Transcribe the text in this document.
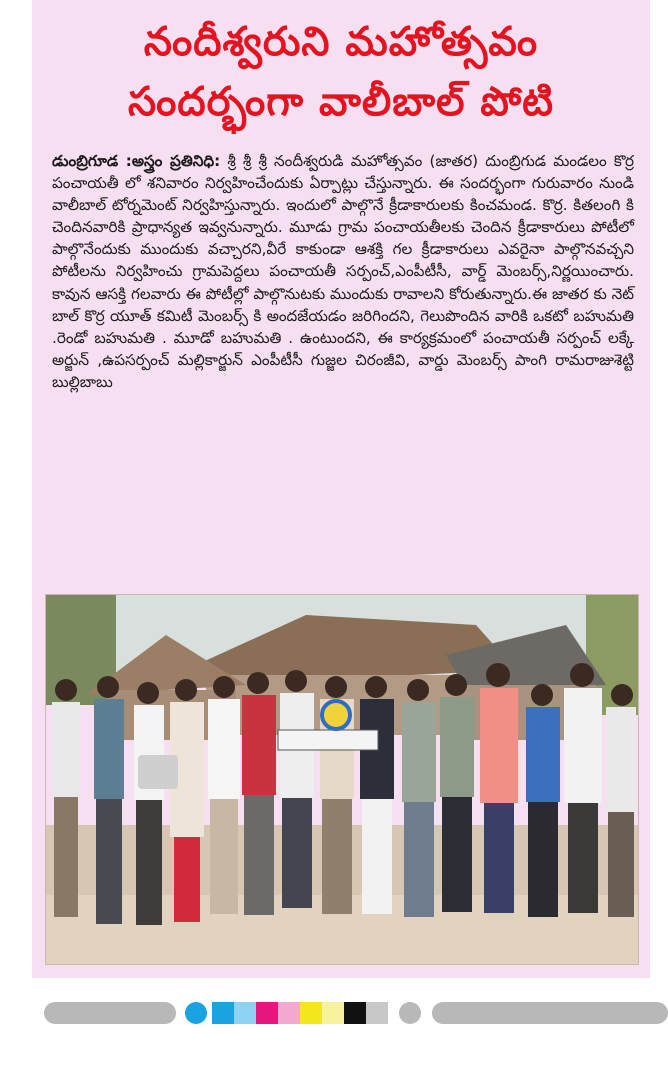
నందీశ్వరుని మహోత్సవం
సందర్భంగా వాలీబాల్ పోటి
డుంబ్రిగూడ :అస్త్రం ప్రతినిధి: శ్రీ శ్రీ శ్రీ నందీశ్వరుడి మహోత్సవం (జాతర) దుంబ్రిగుడ మండలం కొర్ర పంచాయతీ లో శనివారం నిర్వహించేందుకు ఏర్పాట్లు చేస్తున్నారు. ఈ సందర్భంగా గురువారం నుండి వాలీబాల్ టోర్నమెంట్ నిర్వహిస్తున్నారు. ఇందులో పాల్గొనే క్రీడాకారులకు కించమండ. కొర్ర. కితలంగి కి చెందినవారికి ప్రాధాన్యత ఇవ్వనున్నారు. మూడు గ్రామ పంచాయతీలకు చెందిన క్రీడాకారులు పోటీలో పాల్గొనేందుకు ముందుకు వచ్చారని,వీరే కాకుండా ఆశక్తి గల క్రీడాకారులు ఎవరైనా పాల్గొనవచ్చని పోటీలను నిర్వహించు గ్రామపెద్దలు పంచాయతీ సర్పంచ్,ఎంపీటీసీ, వార్డ్ మెంబర్స్,నిర్ణయించారు. కావున ఆసక్తి గలవారు ఈ పోటీల్లో పాల్గొనుటకు ముందుకు రావాలని కోరుతున్నారు.ఈ జాతర కు నెట్ బాల్ కొర్ర యూత్ కమిటీ మెంబర్స్ కి అందజేయడం జరిగిందని, గెలుపొందిన వారికి ఒకటో బహుమతి .రెండో బహుమతి . మూడో బహుమతి . ఉంటుందని, ఈ కార్యక్రమంలో పంచాయతీ సర్పంచ్ లక్కే అర్జున్ ,ఉపసర్పంచ్ మల్లికార్జున్ ఎంపీటీసీ గుజ్జల చిరంజీవి, వార్డు మెంబర్స్ పాంగి రామరాజుశెట్టి బుల్లిబాబు
